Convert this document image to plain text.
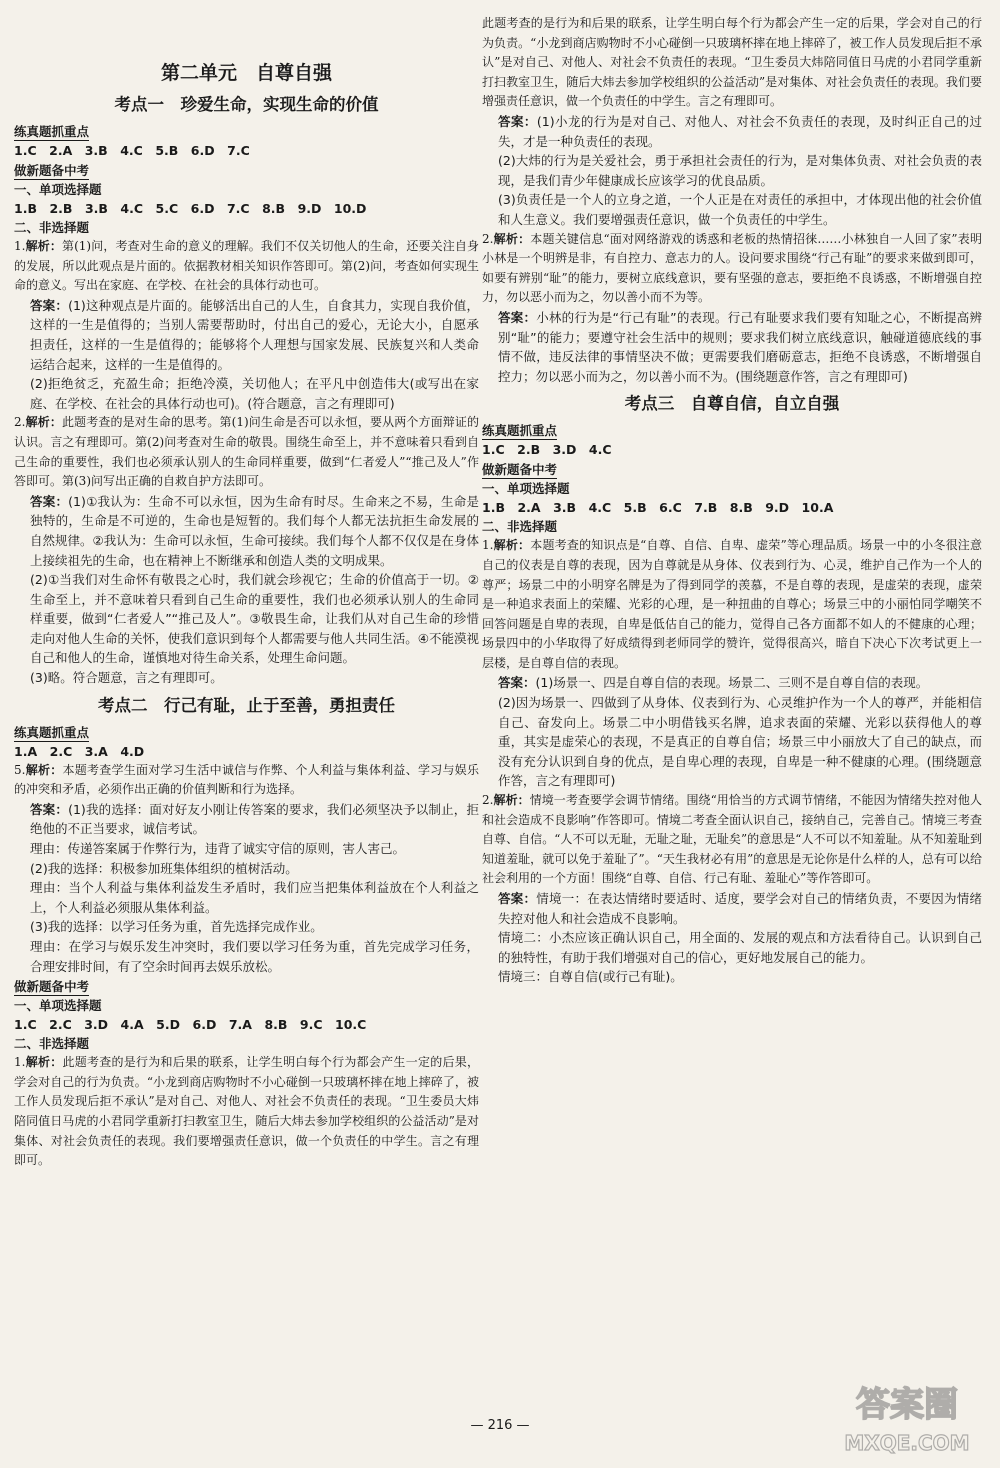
第二单元　自尊自强
考点一　珍爱生命，实现生命的价值
练真题抓重点
1.C　2.A　3.B　4.C　5.B　6.D　7.C
做新题备中考
一、单项选择题
1.B　2.B　3.B　4.C　5.C　6.D　7.C　8.B　9.D　10.D
二、非选择题
1.解析：第(1)问，考查对生命的意义的理解。我们不仅关切他人的生命，还要关注自身的发展，所以此观点是片面的。依据教材相关知识作答即可。第(2)问，考查如何实现生命的意义。写出在家庭、在学校、在社会的具体行动也可。
答案：(1)这种观点是片面的。能够活出自己的人生，自食其力，实现自我价值，这样的一生是值得的；当别人需要帮助时，付出自己的爱心，无论大小，自愿承担责任，这样的一生是值得的；能够将个人理想与国家发展、民族复兴和人类命运结合起来，这样的一生是值得的。
(2)拒绝贫乏，充盈生命；拒绝冷漠，关切他人；在平凡中创造伟大(或写出在家庭、在学校、在社会的具体行动也可)。(符合题意，言之有理即可)
2.解析：此题考查的是对生命的思考。第(1)问生命是否可以永恒，要从两个方面辩证的认识。言之有理即可。第(2)问考查对生命的敬畏。围绕生命至上，并不意味着只看到自己生命的重要性，我们也必须承认别人的生命同样重要，做到“仁者爱人”“推己及人”作答即可。第(3)问写出正确的自救自护方法即可。
答案：(1)①我认为：生命不可以永恒，因为生命有时尽。生命来之不易，生命是独特的，生命是不可逆的，生命也是短暂的。我们每个人都无法抗拒生命发展的自然规律。②我认为：生命可以永恒，生命可接续。我们每个人都不仅仅是在身体上接续祖先的生命，也在精神上不断继承和创造人类的文明成果。
(2)①当我们对生命怀有敬畏之心时，我们就会珍视它；生命的价值高于一切。②生命至上，并不意味着只看到自己生命的重要性，我们也必须承认别人的生命同样重要，做到“仁者爱人”“推己及人”。③敬畏生命，让我们从对自己生命的珍惜走向对他人生命的关怀，使我们意识到每个人都需要与他人共同生活。④不能漠视自己和他人的生命，谨慎地对待生命关系，处理生命问题。
(3)略。符合题意，言之有理即可。
考点二　行己有耻，止于至善，勇担责任
练真题抓重点
1.A　2.C　3.A　4.D
5.解析：本题考查学生面对学习生活中诚信与作弊、个人利益与集体利益、学习与娱乐的冲突和矛盾，必须作出正确的价值判断和行为选择。
答案：(1)我的选择：面对好友小刚让传答案的要求，我们必须坚决予以制止，拒绝他的不正当要求，诚信考试。
理由：传递答案属于作弊行为，违背了诚实守信的原则，害人害己。
(2)我的选择：积极参加班集体组织的植树活动。
理由：当个人利益与集体利益发生矛盾时，我们应当把集体利益放在个人利益之上，个人利益必须服从集体利益。
(3)我的选择：以学习任务为重，首先选择完成作业。
理由：在学习与娱乐发生冲突时，我们要以学习任务为重，首先完成学习任务，合理安排时间，有了空余时间再去娱乐放松。
做新题备中考
一、单项选择题
1.C　2.C　3.D　4.A　5.D　6.D　7.A　8.B　9.C　10.C
二、非选择题
1.解析：此题考查的是行为和后果的联系，让学生明白每个行为都会产生一定的后果，学会对自己的行为负责。“小龙到商店购物时不小心碰倒一只玻璃杯摔在地上摔碎了，被工作人员发现后拒不承认”是对自己、对他人、对社会不负责任的表现。“卫生委员大炜陪同值日马虎的小君同学重新打扫教室卫生，随后大炜去参加学校组织的公益活动”是对集体、对社会负责任的表现。我们要增强责任意识，做一个负责任的中学生。言之有理即可。
此题考查的是行为和后果的联系，让学生明白每个行为都会产生一定的后果，学会对自己的行为负责。“小龙到商店购物时不小心碰倒一只玻璃杯摔在地上摔碎了，被工作人员发现后拒不承认”是对自己、对他人、对社会不负责任的表现。“卫生委员大炜陪同值日马虎的小君同学重新打扫教室卫生，随后大炜去参加学校组织的公益活动”是对集体、对社会负责任的表现。我们要增强责任意识，做一个负责任的中学生。言之有理即可。
答案：(1)小龙的行为是对自己、对他人、对社会不负责任的表现，及时纠正自己的过失，才是一种负责任的表现。
(2)大炜的行为是关爱社会，勇于承担社会责任的行为，是对集体负责、对社会负责的表现，是我们青少年健康成长应该学习的优良品质。
(3)负责任是一个人的立身之道，一个人正是在对责任的承担中，才体现出他的社会价值和人生意义。我们要增强责任意识，做一个负责任的中学生。
2.解析：本题关键信息“面对网络游戏的诱惑和老板的热情招徕……小林独自一人回了家”表明小林是一个明辨是非，有自控力、意志力的人。设问要求围绕“行己有耻”的要求来做到即可，如要有辨别“耻”的能力，要树立底线意识，要有坚强的意志，要拒绝不良诱惑，不断增强自控力，勿以恶小而为之，勿以善小而不为等。
答案：小林的行为是“行己有耻”的表现。行己有耻要求我们要有知耻之心，不断提高辨别“耻”的能力；要遵守社会生活中的规则；要求我们树立底线意识，触碰道德底线的事情不做，违反法律的事情坚决不做；更需要我们磨砺意志，拒绝不良诱惑，不断增强自控力；勿以恶小而为之，勿以善小而不为。(围绕题意作答，言之有理即可)
考点三　自尊自信，自立自强
练真题抓重点
1.C　2.B　3.D　4.C
做新题备中考
一、单项选择题
1.B　2.A　3.B　4.C　5.B　6.C　7.B　8.B　9.D　10.A
二、非选择题
1.解析：本题考查的知识点是“自尊、自信、自卑、虚荣”等心理品质。场景一中的小冬很注意自己的仪表是自尊的表现，因为自尊就是从身体、仪表到行为、心灵，维护自己作为一个人的尊严；场景二中的小明穿名牌是为了得到同学的羡慕，不是自尊的表现，是虚荣的表现，虚荣是一种追求表面上的荣耀、光彩的心理，是一种扭曲的自尊心；场景三中的小丽怕同学嘲笑不回答问题是自卑的表现，自卑是低估自己的能力，觉得自己各方面都不如人的不健康的心理；场景四中的小华取得了好成绩得到老师同学的赞许，觉得很高兴，暗自下决心下次考试更上一层楼，是自尊自信的表现。
答案：(1)场景一、四是自尊自信的表现。场景二、三则不是自尊自信的表现。
(2)因为场景一、四做到了从身体、仪表到行为、心灵维护作为一个人的尊严，并能相信自己、奋发向上。场景二中小明借钱买名牌，追求表面的荣耀、光彩以获得他人的尊重，其实是虚荣心的表现，不是真正的自尊自信；场景三中小丽放大了自己的缺点，而没有充分认识到自身的优点，是自卑心理的表现，自卑是一种不健康的心理。(围绕题意作答，言之有理即可)
2.解析：情境一考查要学会调节情绪。围绕“用恰当的方式调节情绪，不能因为情绪失控对他人和社会造成不良影响”作答即可。情境二考查全面认识自己，接纳自己，完善自己。情境三考查自尊、自信。“人不可以无耻，无耻之耻，无耻矣”的意思是“人不可以不知羞耻。从不知羞耻到知道羞耻，就可以免于羞耻了”。“天生我材必有用”的意思是无论你是什么样的人，总有可以给社会利用的一个方面！围绕“自尊、自信、行己有耻、羞耻心”等作答即可。
答案：情境一：在表达情绪时要适时、适度，要学会对自己的情绪负责，不要因为情绪失控对他人和社会造成不良影响。
情境二：小杰应该正确认识自己，用全面的、发展的观点和方法看待自己。认识到自己的独特性，有助于我们增强对自己的信心，更好地发展自己的能力。
情境三：自尊自信(或行己有耻)。
— 216 —
答案圈
MXQE.COM
